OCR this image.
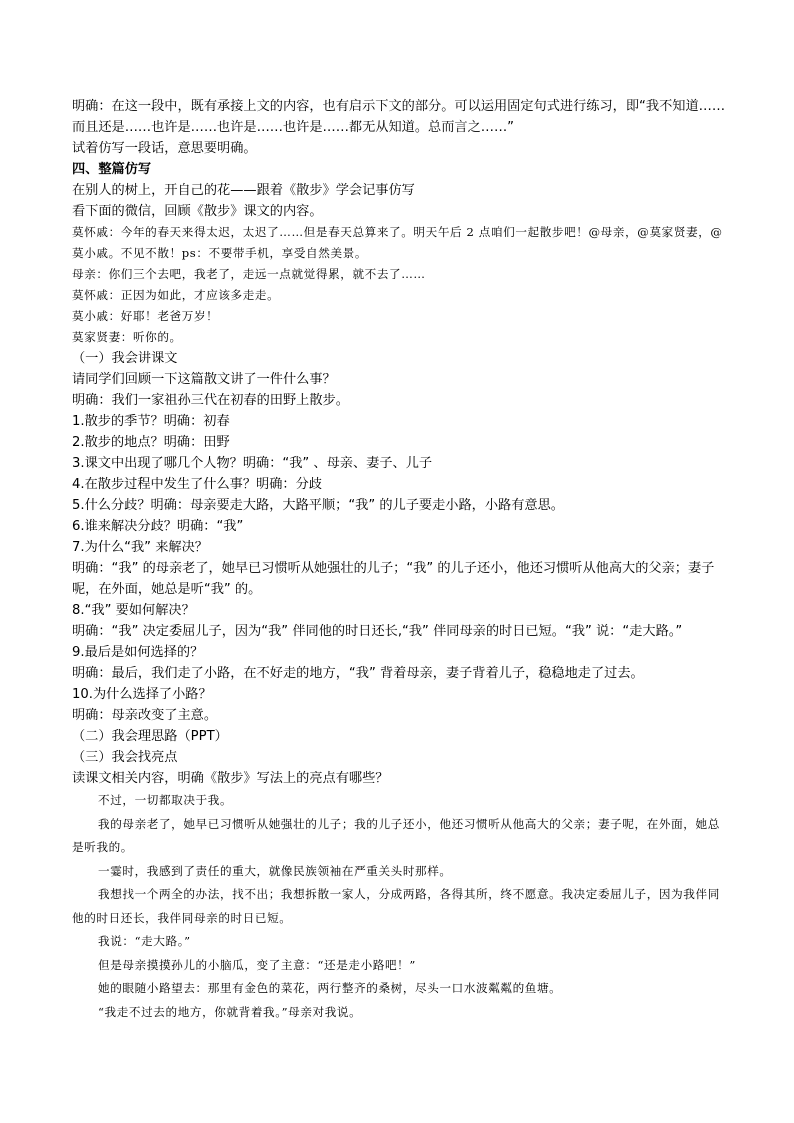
明确：在这一段中，既有承接上文的内容，也有启示下文的部分。可以运用固定句式进行练习，即“我不知道……而且还是……也许是……也许是……也许是……都无从知道。总而言之……”

试着仿写一段话，意思要明确。

四、整篇仿写

在别人的树上，开自己的花——跟着《散步》学会记事仿写

看下面的微信，回顾《散步》课文的内容。

莫怀戚：今年的春天来得太迟，太迟了……但是春天总算来了。明天午后 2 点咱们一起散步吧！@母亲，@莫家贤妻，@莫小戚。不见不散！ps：不要带手机，享受自然美景。

母亲：你们三个去吧，我老了，走远一点就觉得累，就不去了……

莫怀戚：正因为如此，才应该多走走。

莫小戚：好耶！老爸万岁！

莫家贤妻：听你的。

（一）我会讲课文

请同学们回顾一下这篇散文讲了一件什么事？

明确：我们一家祖孙三代在初春的田野上散步。

1.散步的季节？明确：初春

2.散步的地点？明确：田野

3.课文中出现了哪几个人物？明确：“我” 、母亲、妻子、儿子

4.在散步过程中发生了什么事？明确：分歧

5.什么分歧？明确：母亲要走大路，大路平顺；“我” 的儿子要走小路，小路有意思。

6.谁来解决分歧？明确：“我”

7.为什么“我” 来解决？

明确：“我” 的母亲老了，她早已习惯听从她强壮的儿子；“我” 的儿子还小，他还习惯听从他高大的父亲；妻子呢，在外面，她总是听“我” 的。

8.“我” 要如何解决？

明确：“我” 决定委屈儿子，因为“我” 伴同他的时日还长,“我” 伴同母亲的时日已短。“我” 说：“走大路。”

9.最后是如何选择的？

明确：最后，我们走了小路，在不好走的地方，“我” 背着母亲，妻子背着儿子，稳稳地走了过去。

10.为什么选择了小路？

明确：母亲改变了主意。

（二）我会理思路（PPT）

（三）我会找亮点

读课文相关内容，明确《散步》写法上的亮点有哪些？

不过，一切都取决于我。

我的母亲老了，她早已习惯听从她强壮的儿子；我的儿子还小，他还习惯听从他高大的父亲；妻子呢，在外面，她总是听我的。

一霎时，我感到了责任的重大，就像民族领袖在严重关头时那样。

我想找一个两全的办法，找不出；我想拆散一家人，分成两路，各得其所，终不愿意。我决定委屈儿子，因为我伴同他的时日还长，我伴同母亲的时日已短。

我说：“走大路。”

但是母亲摸摸孙儿的小脑瓜，变了主意：“还是走小路吧！”

她的眼随小路望去：那里有金色的菜花，两行整齐的桑树，尽头一口水波粼粼的鱼塘。

“我走不过去的地方，你就背着我。”母亲对我说。
